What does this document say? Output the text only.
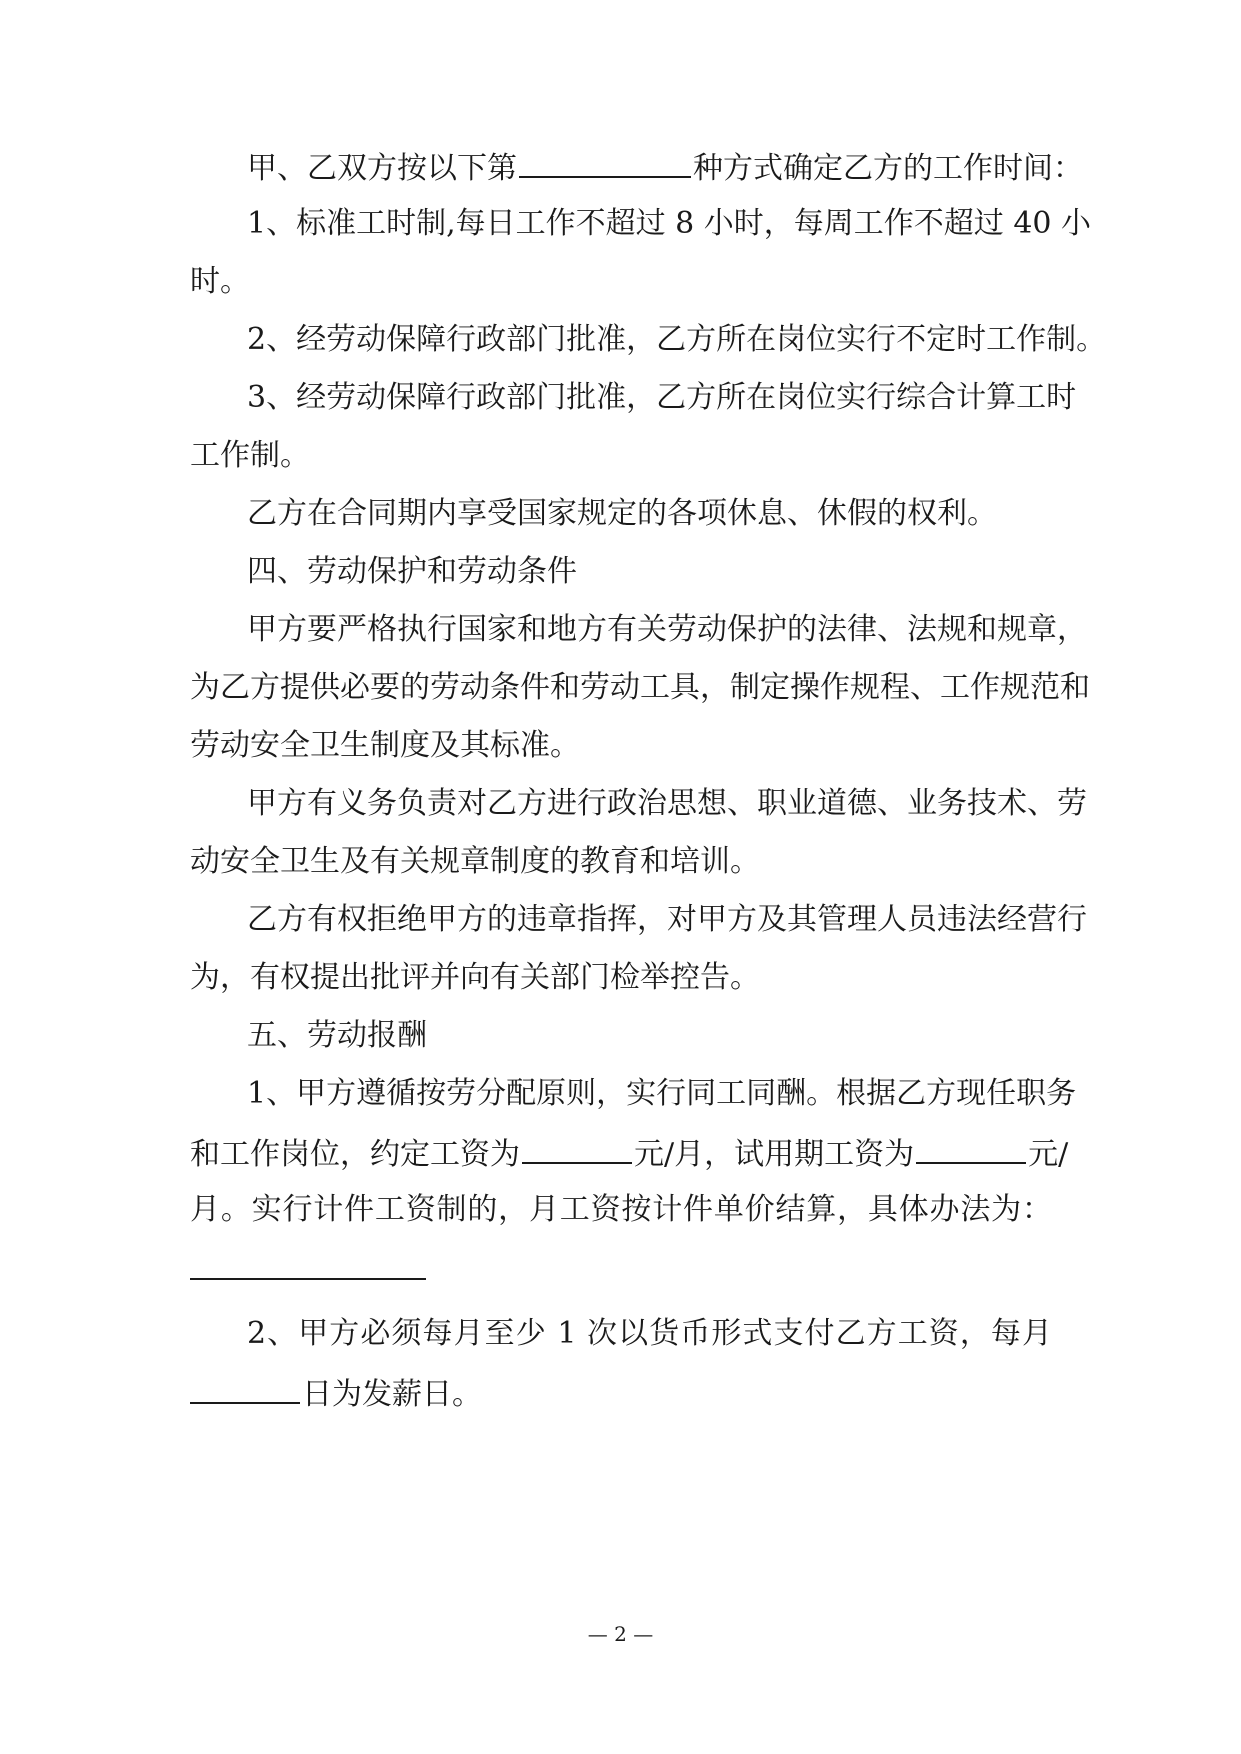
甲、乙双方按以下第	种方式确定乙方的工作时间：
1、标准工时制,每日工作不超过 8 小时，每周工作不超过 40 小
时。
2、经劳动保障行政部门批准，乙方所在岗位实行不定时工作制。
3、经劳动保障行政部门批准，乙方所在岗位实行综合计算工时
工作制。
乙方在合同期内享受国家规定的各项休息、休假的权利。
四、劳动保护和劳动条件
甲方要严格执行国家和地方有关劳动保护的法律、法规和规章，
为乙方提供必要的劳动条件和劳动工具，制定操作规程、工作规范和
劳动安全卫生制度及其标准。
甲方有义务负责对乙方进行政治思想、职业道德、业务技术、劳
动安全卫生及有关规章制度的教育和培训。
乙方有权拒绝甲方的违章指挥，对甲方及其管理人员违法经营行
为，有权提出批评并向有关部门检举控告。
五、劳动报酬
1、甲方遵循按劳分配原则，实行同工同酬。根据乙方现任职务
和工作岗位，约定工资为	元/月，试用期工资为	元/
月。实行计件工资制的，月工资按计件单价结算，具体办法为：
2、甲方必须每月至少 1 次以货币形式支付乙方工资，每月
日为发薪日。
— 2 —
